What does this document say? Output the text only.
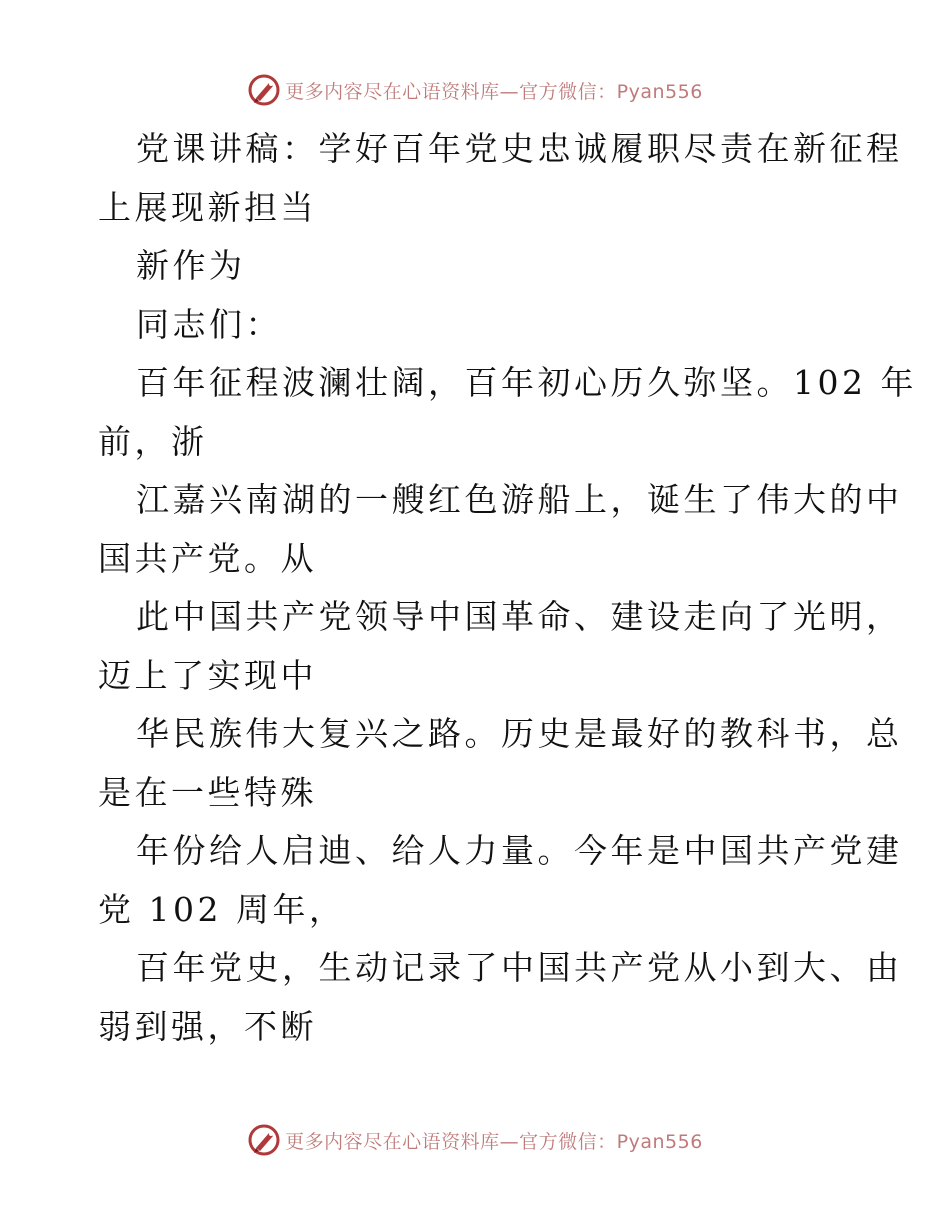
更多内容尽在心语资料库—官方微信：Pyan556
党课讲稿：学好百年党史忠诚履职尽责在新征程
上展现新担当
新作为
同志们：
百年征程波澜壮阔，百年初心历久弥坚。102 年
前，浙
江嘉兴南湖的一艘红色游船上，诞生了伟大的中
国共产党。从
此中国共产党领导中国革命、建设走向了光明，
迈上了实现中
华民族伟大复兴之路。历史是最好的教科书，总
是在一些特殊
年份给人启迪、给人力量。今年是中国共产党建
党 102 周年，
百年党史，生动记录了中国共产党从小到大、由
弱到强，不断
更多内容尽在心语资料库—官方微信：Pyan556
